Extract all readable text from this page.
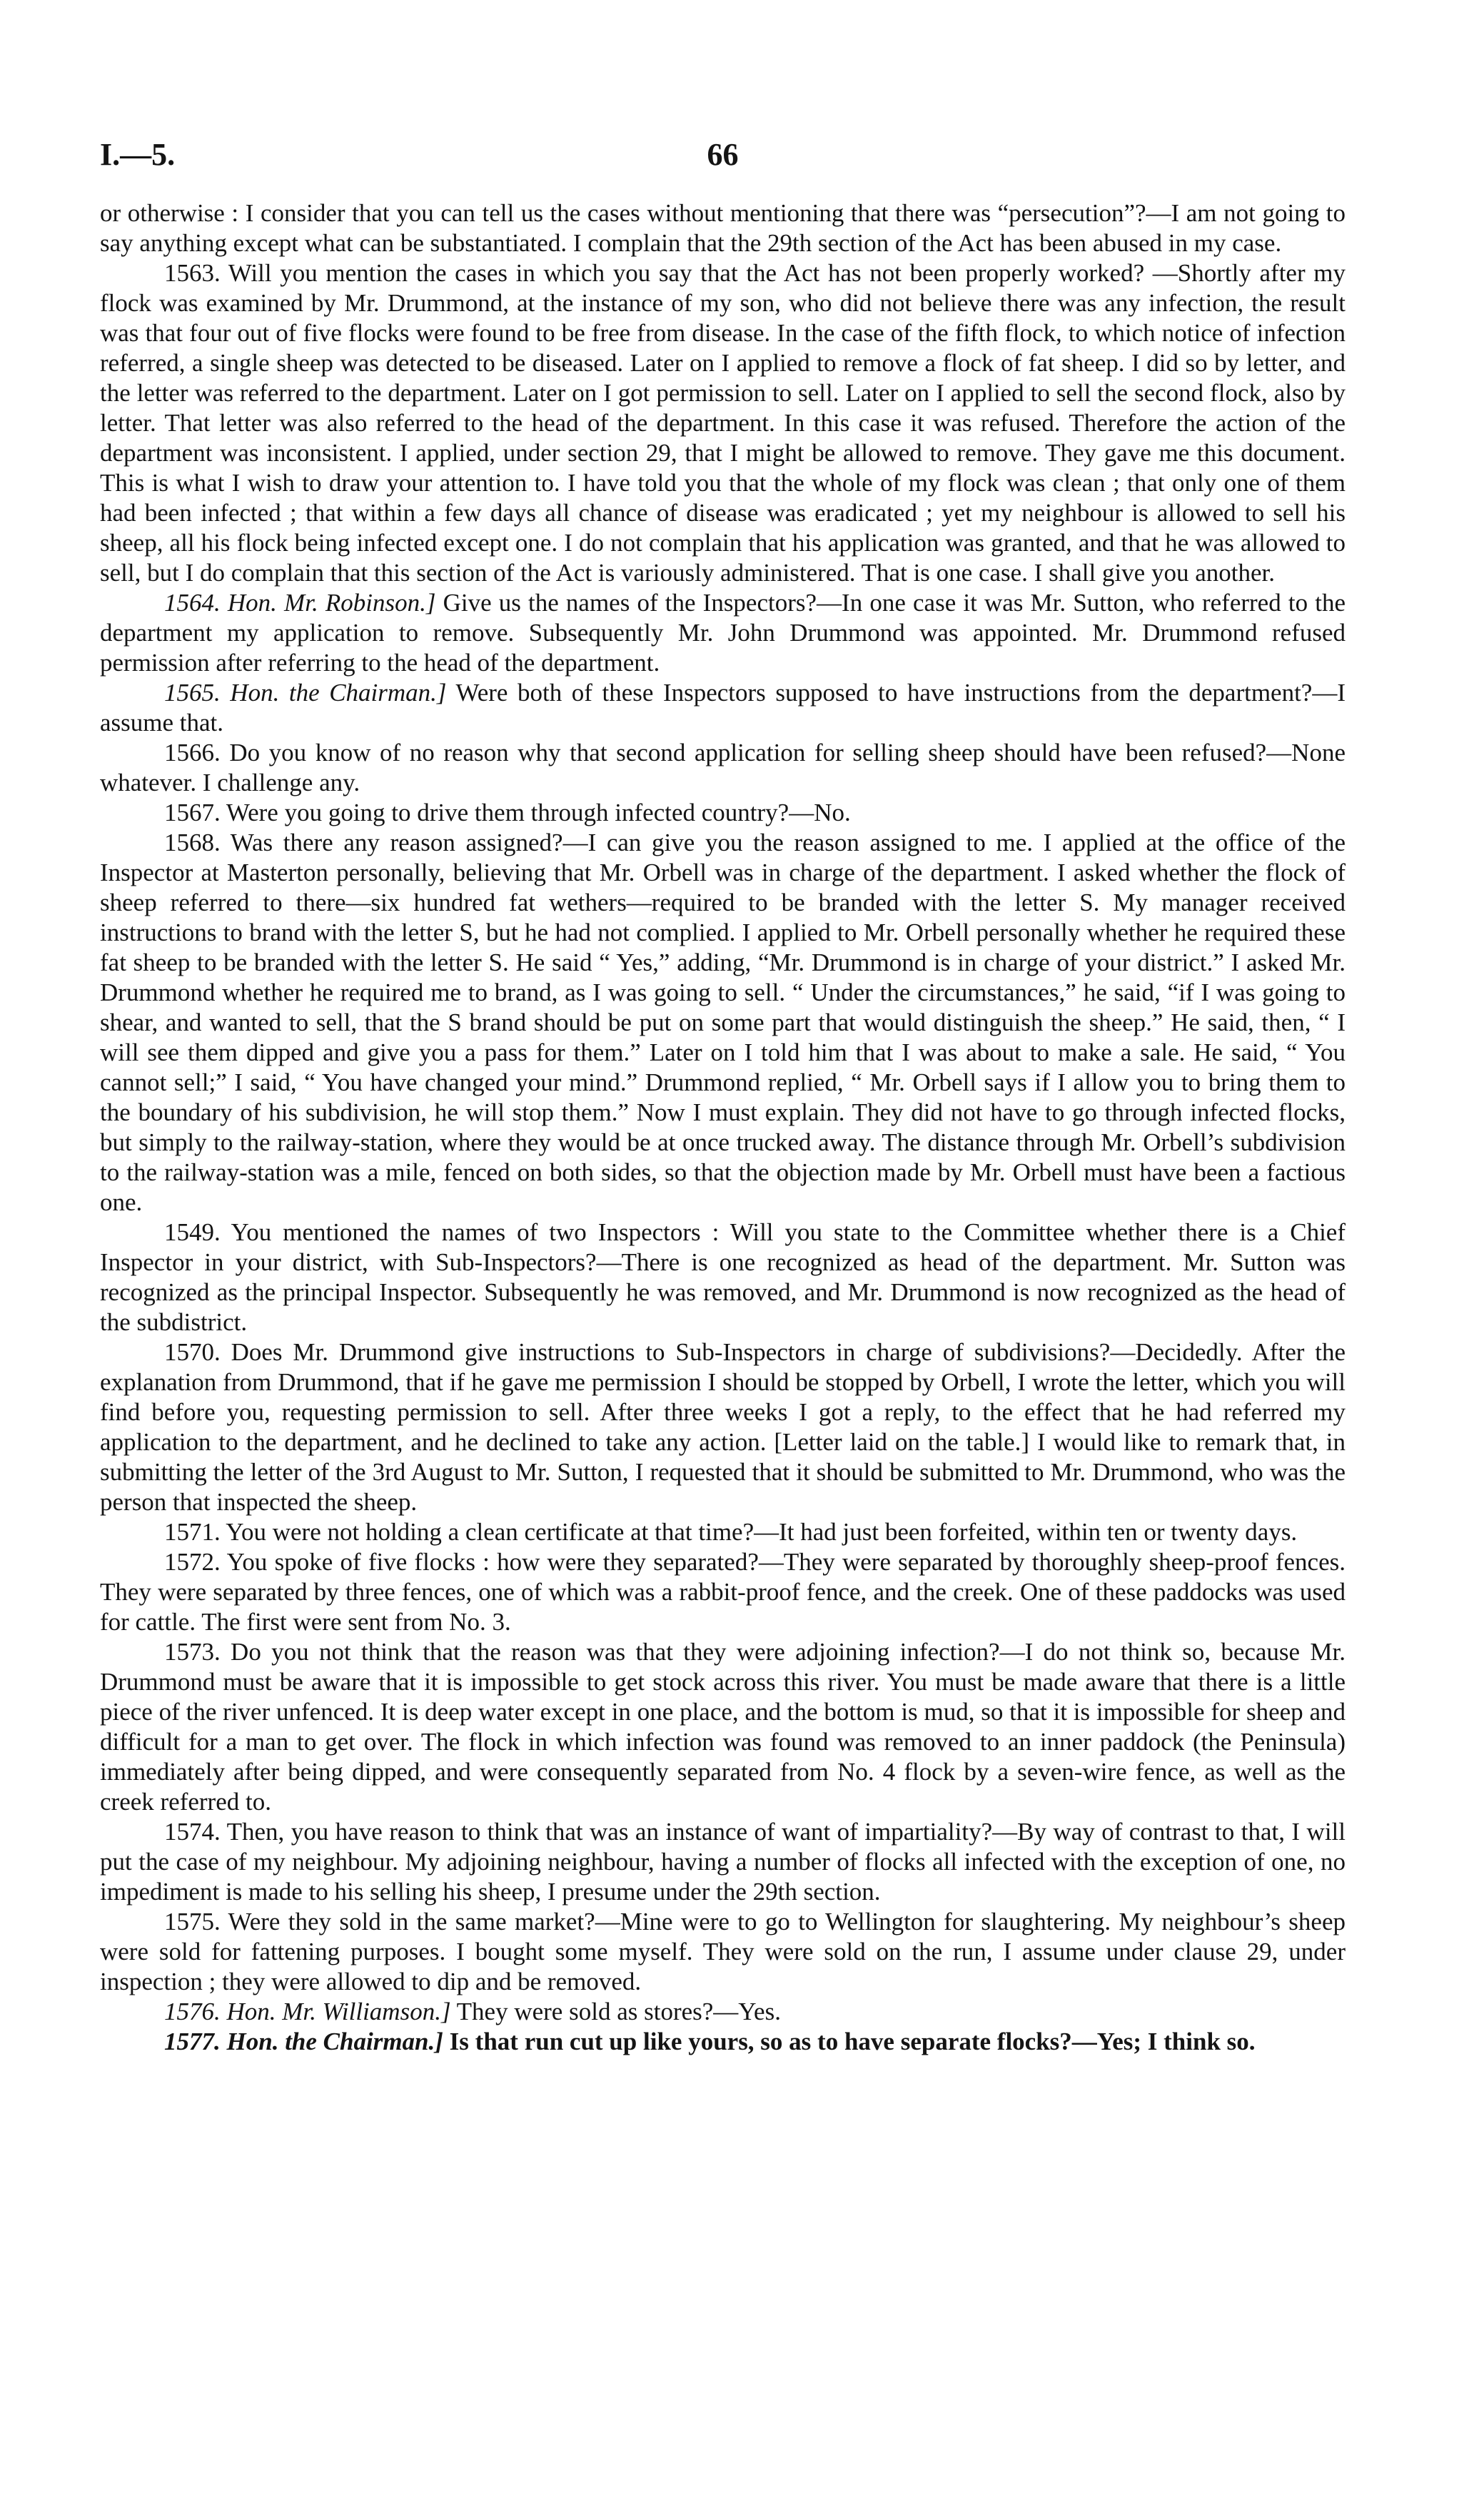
I.—5.	66

or otherwise : I consider that you can tell us the cases without mentioning that there was “persecution”?—I am not going to say anything except what can be substantiated. I complain that the 29th section of the Act has been abused in my case.

1563. Will you mention the cases in which you say that the Act has not been properly worked? —Shortly after my flock was examined by Mr. Drummond, at the instance of my son, who did not believe there was any infection, the result was that four out of five flocks were found to be free from disease. In the case of the fifth flock, to which notice of infection referred, a single sheep was detected to be diseased. Later on I applied to remove a flock of fat sheep. I did so by letter, and the letter was referred to the department. Later on I got permission to sell. Later on I applied to sell the second flock, also by letter. That letter was also referred to the head of the department. In this case it was refused. Therefore the action of the department was inconsistent. I applied, under section 29, that I might be allowed to remove. They gave me this document. This is what I wish to draw your attention to. I have told you that the whole of my flock was clean ; that only one of them had been infected ; that within a few days all chance of disease was eradicated ; yet my neighbour is allowed to sell his sheep, all his flock being infected except one. I do not complain that his application was granted, and that he was allowed to sell, but I do complain that this section of the Act is variously administered. That is one case. I shall give you another.

1564. Hon. Mr. Robinson.] Give us the names of the Inspectors?—In one case it was Mr. Sutton, who referred to the department my application to remove. Subsequently Mr. John Drummond was appointed. Mr. Drummond refused permission after referring to the head of the department.

1565. Hon. the Chairman.] Were both of these Inspectors supposed to have instructions from the department?—I assume that.

1566. Do you know of no reason why that second application for selling sheep should have been refused?—None whatever. I challenge any.

1567. Were you going to drive them through infected country?—No.

1568. Was there any reason assigned?—I can give you the reason assigned to me. I applied at the office of the Inspector at Masterton personally, believing that Mr. Orbell was in charge of the department. I asked whether the flock of sheep referred to there—six hundred fat wethers—required to be branded with the letter S. My manager received instructions to brand with the letter S, but he had not complied. I applied to Mr. Orbell personally whether he required these fat sheep to be branded with the letter S. He said “ Yes,” adding, “Mr. Drummond is in charge of your district.” I asked Mr. Drummond whether he required me to brand, as I was going to sell. “ Under the circumstances,” he said, “if I was going to shear, and wanted to sell, that the S brand should be put on some part that would distinguish the sheep.” He said, then, “ I will see them dipped and give you a pass for them.” Later on I told him that I was about to make a sale. He said, “ You cannot sell;” I said, “ You have changed your mind.” Drummond replied, “ Mr. Orbell says if I allow you to bring them to the boundary of his subdivision, he will stop them.” Now I must explain. They did not have to go through infected flocks, but simply to the railway-station, where they would be at once trucked away. The distance through Mr. Orbell’s subdivision to the railway-station was a mile, fenced on both sides, so that the objection made by Mr. Orbell must have been a factious one.

1549. You mentioned the names of two Inspectors : Will you state to the Committee whether there is a Chief Inspector in your district, with Sub-Inspectors?—There is one recognized as head of the department. Mr. Sutton was recognized as the principal Inspector. Subsequently he was removed, and Mr. Drummond is now recognized as the head of the subdistrict.

1570. Does Mr. Drummond give instructions to Sub-Inspectors in charge of subdivisions?—Decidedly. After the explanation from Drummond, that if he gave me permission I should be stopped by Orbell, I wrote the letter, which you will find before you, requesting permission to sell. After three weeks I got a reply, to the effect that he had referred my application to the department, and he declined to take any action. [Letter laid on the table.] I would like to remark that, in submitting the letter of the 3rd August to Mr. Sutton, I requested that it should be submitted to Mr. Drummond, who was the person that inspected the sheep.

1571. You were not holding a clean certificate at that time?—It had just been forfeited, within ten or twenty days.

1572. You spoke of five flocks : how were they separated?—They were separated by thoroughly sheep-proof fences. They were separated by three fences, one of which was a rabbit-proof fence, and the creek. One of these paddocks was used for cattle. The first were sent from No. 3.

1573. Do you not think that the reason was that they were adjoining infection?—I do not think so, because Mr. Drummond must be aware that it is impossible to get stock across this river. You must be made aware that there is a little piece of the river unfenced. It is deep water except in one place, and the bottom is mud, so that it is impossible for sheep and difficult for a man to get over. The flock in which infection was found was removed to an inner paddock (the Peninsula) immediately after being dipped, and were consequently separated from No. 4 flock by a seven-wire fence, as well as the creek referred to.

1574. Then, you have reason to think that was an instance of want of impartiality?—By way of contrast to that, I will put the case of my neighbour. My adjoining neighbour, having a number of flocks all infected with the exception of one, no impediment is made to his selling his sheep, I presume under the 29th section.

1575. Were they sold in the same market?—Mine were to go to Wellington for slaughtering. My neighbour’s sheep were sold for fattening purposes. I bought some myself. They were sold on the run, I assume under clause 29, under inspection ; they were allowed to dip and be removed.

1576. Hon. Mr. Williamson.] They were sold as stores?—Yes.

1577. Hon. the Chairman.] Is that run cut up like yours, so as to have separate flocks?—Yes; I think so.
